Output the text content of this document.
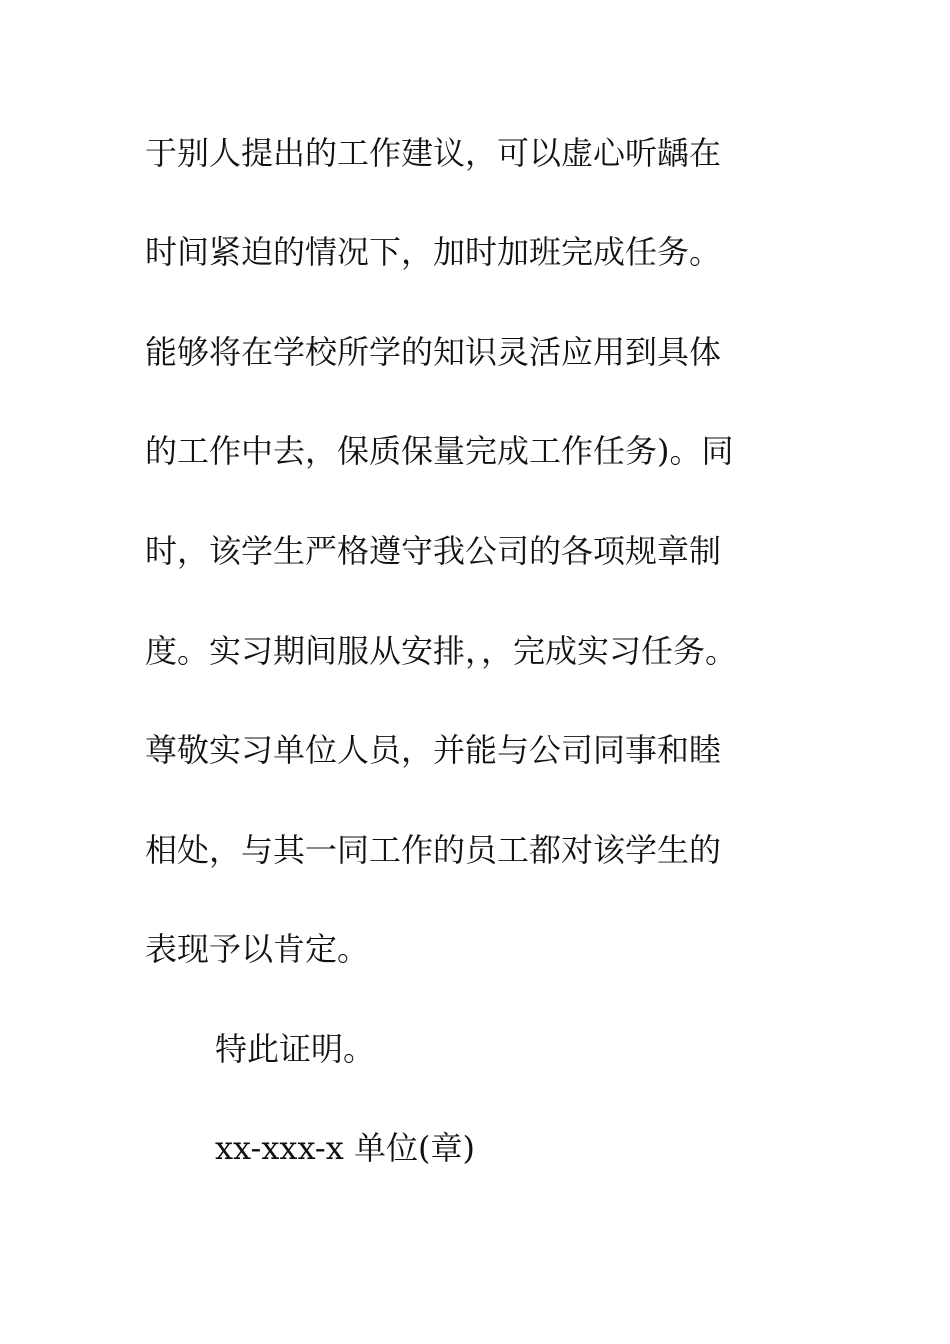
于别人提出的工作建议，可以虚心听龋在
时间紧迫的情况下，加时加班完成任务。
能够将在学校所学的知识灵活应用到具体
的工作中去，保质保量完成工作任务)。同
时，该学生严格遵守我公司的各项规章制
度。实习期间服从安排，，完成实习任务。
尊敬实习单位人员，并能与公司同事和睦
相处，与其一同工作的员工都对该学生的
表现予以肯定。
特此证明。
xx-xxx-x 单位(章)
